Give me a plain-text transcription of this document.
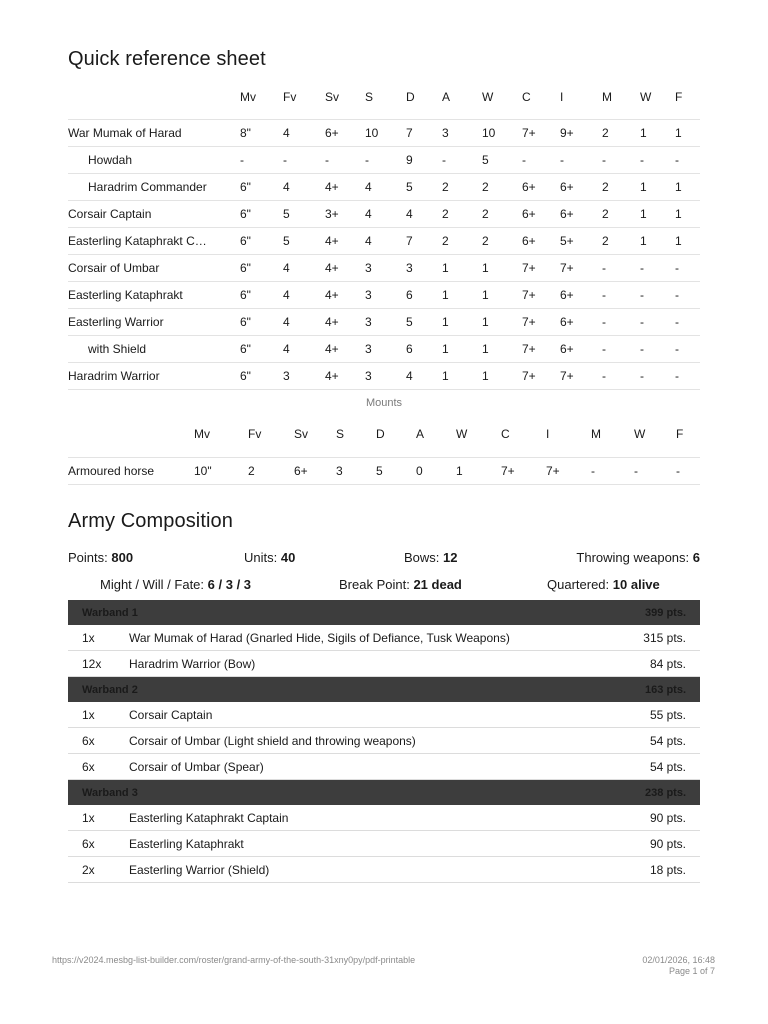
Quick reference sheet
	Mv	Fv	Sv	S	D	A	W	C	I	M	W	F	

War Mumak of Harad	8"	4	6+	10	7	3	10	7+	9+	2	1	1	
Howdah	-	-	-	-	9	-	5	-	-	-	-	-	
Haradrim Commander	6"	4	4+	4	5	2	2	6+	6+	2	1	1	
Corsair Captain	6"	5	3+	4	4	2	2	6+	6+	2	1	1	
Easterling Kataphrakt C…	6"	5	4+	4	7	2	2	6+	5+	2	1	1	
Corsair of Umbar	6"	4	4+	3	3	1	1	7+	7+	-	-	-	
Easterling Kataphrakt	6"	4	4+	3	6	1	1	7+	6+	-	-	-	
Easterling Warrior	6"	4	4+	3	5	1	1	7+	6+	-	-	-	
with Shield	6"	4	4+	3	6	1	1	7+	6+	-	-	-	
Haradrim Warrior	6"	3	4+	3	4	1	1	7+	7+	-	-	-	
Mounts
	Mv	Fv	Sv	S	D	A	W	C	I	M	W	F	

Armoured horse	10"	2	6+	3	5	0	1	7+	7+	-	-	-	
Army Composition
Points: 800	Units: 40	Bows: 12	Throwing weapons: 6
Might / Will / Fate: 6 / 3 / 3	Break Point: 21 dead	Quartered: 10 alive
Warband 1		399 pts.
1x	War Mumak of Harad (Gnarled Hide, Sigils of Defiance, Tusk Weapons)	315 pts.
12x	Haradrim Warrior (Bow)	84 pts.
Warband 2		163 pts.
1x	Corsair Captain	55 pts.
6x	Corsair of Umbar (Light shield and throwing weapons)	54 pts.
6x	Corsair of Umbar (Spear)	54 pts.
Warband 3		238 pts.
1x	Easterling Kataphrakt Captain	90 pts.
6x	Easterling Kataphrakt	90 pts.
2x	Easterling Warrior (Shield)	18 pts.
https://v2024.mesbg-list-builder.com/roster/grand-army-of-the-south-31xny0py/pdf-printable	02/01/2026, 16:48
Page 1 of 7
